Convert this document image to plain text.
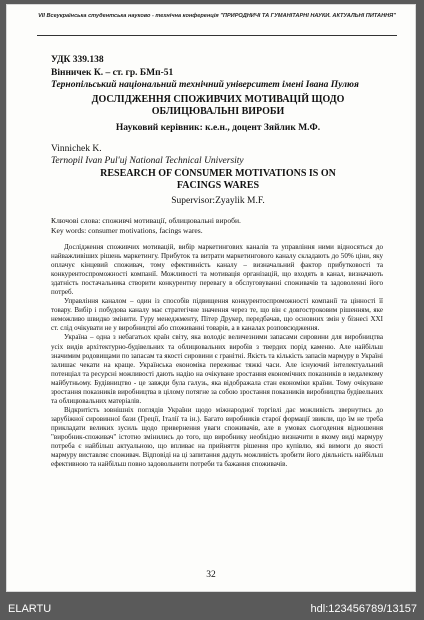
VII Всеукраїнська студентська науково - технічна конференція "ПРИРОДНИЧІ ТА ГУМАНІТАРНІ НАУКИ. АКТУАЛЬНІ ПИТАННЯ"
УДК 339.138
Вінничек К. – ст. гр. БМп-51
Тернопільський національний технічний університет імені Івана Пулюя
ДОСЛІДЖЕННЯ СПОЖИВЧИХ МОТИВАЦІЙ ЩОДО ОБЛИЦЮВАЛЬНІ ВИРОБИ
Науковий керівник: к.е.н., доцент Зяйлик М.Ф.
Vinnichek K.
Ternopil Ivan Pul'uj National Technical University
RESEARCH OF CONSUMER MOTIVATIONS IS ON FACINGS WARES
Supervisor:Zyaylik M.F.
Ключові слова: споживчі мотивації, облицювальні вироби.
Key words: consumer motivations, facings wares.

Дослідження споживчих мотивацій, вибір маркетингових каналів та управління ними відносяться до найважливіших рішень маркетингу. Прибуток та витрати маркетингового каналу складають до 50% ціни, яку оплачує кінцевий споживач, тому ефективність каналу – визначальний фактор прибутковості та конкурентоспроможності компанії. Можливості та мотивація організацій, що входять в канал, визначають здатність постачальника створити конкурентну перевагу в обслуговуванні споживачів та задоволенні його потреб.

Управління каналом – один із способів підвищення конкурентоспроможності компанії та цінності її товару. Вибір і побудова каналу має стратегічне значення через те, що він є довгостроковим рішенням, яке неможливо швидко змінити. Гуру менеджменту, Пітер Друкер, передбачав, що основних змін у бізнесі XXI ст. слід очікувати не у виробництві або споживанні товарів, а в каналах розповсюдження.

Україна – одна з небагатьох країн світу, яка володіє величезними запасами сировини для виробництва усіх видів архітектурно-будівельних та облицювальних виробів з твердих порід каменю. Але найбільш значимим родовищами по запасам та якості сировини є гранітні. Якість та кількість запасів мармуру в Україні залишає чекати на краще. Українська економіка переживає тяжкі часи. Але існуючий інтелектуальний потенціал та ресурсні можливості дають надію на очікуване зростання економічних показників в недалекому майбутньому. Будівництво - це завжди була галузь, яка відображала стан економіки країни. Тому очікуване зростання показників виробництва в цілому потягне за собою зростання показників виробництва будівельних та облицювальних матеріалів.

Відкритість зовнішніх поглядів України щодо міжнародної торгівлі дає можливість звернутись до зарубіжної сировинної бази (Греції, Італії та ін.). Багато виробників старої формації звикли, що їм не треба прикладати великих зусиль щодо привернення уваги споживачів, але в умовах сьогодення відношення "виробник-споживач" істотно змінились до того, що виробнику необхідно визначити в якому виді мармуру потреба є найбільш актуальною, що впливає на прийняття рішення про купівлю, які вимоги до якості мармуру виставляє споживач. Відповіді на ці запитання дадуть можливість зробити його діяльність найбільш ефективною та найбільш повно задовольнити потреби та бажання споживачів.

32
ELARTU	hdl:123456789/13157
